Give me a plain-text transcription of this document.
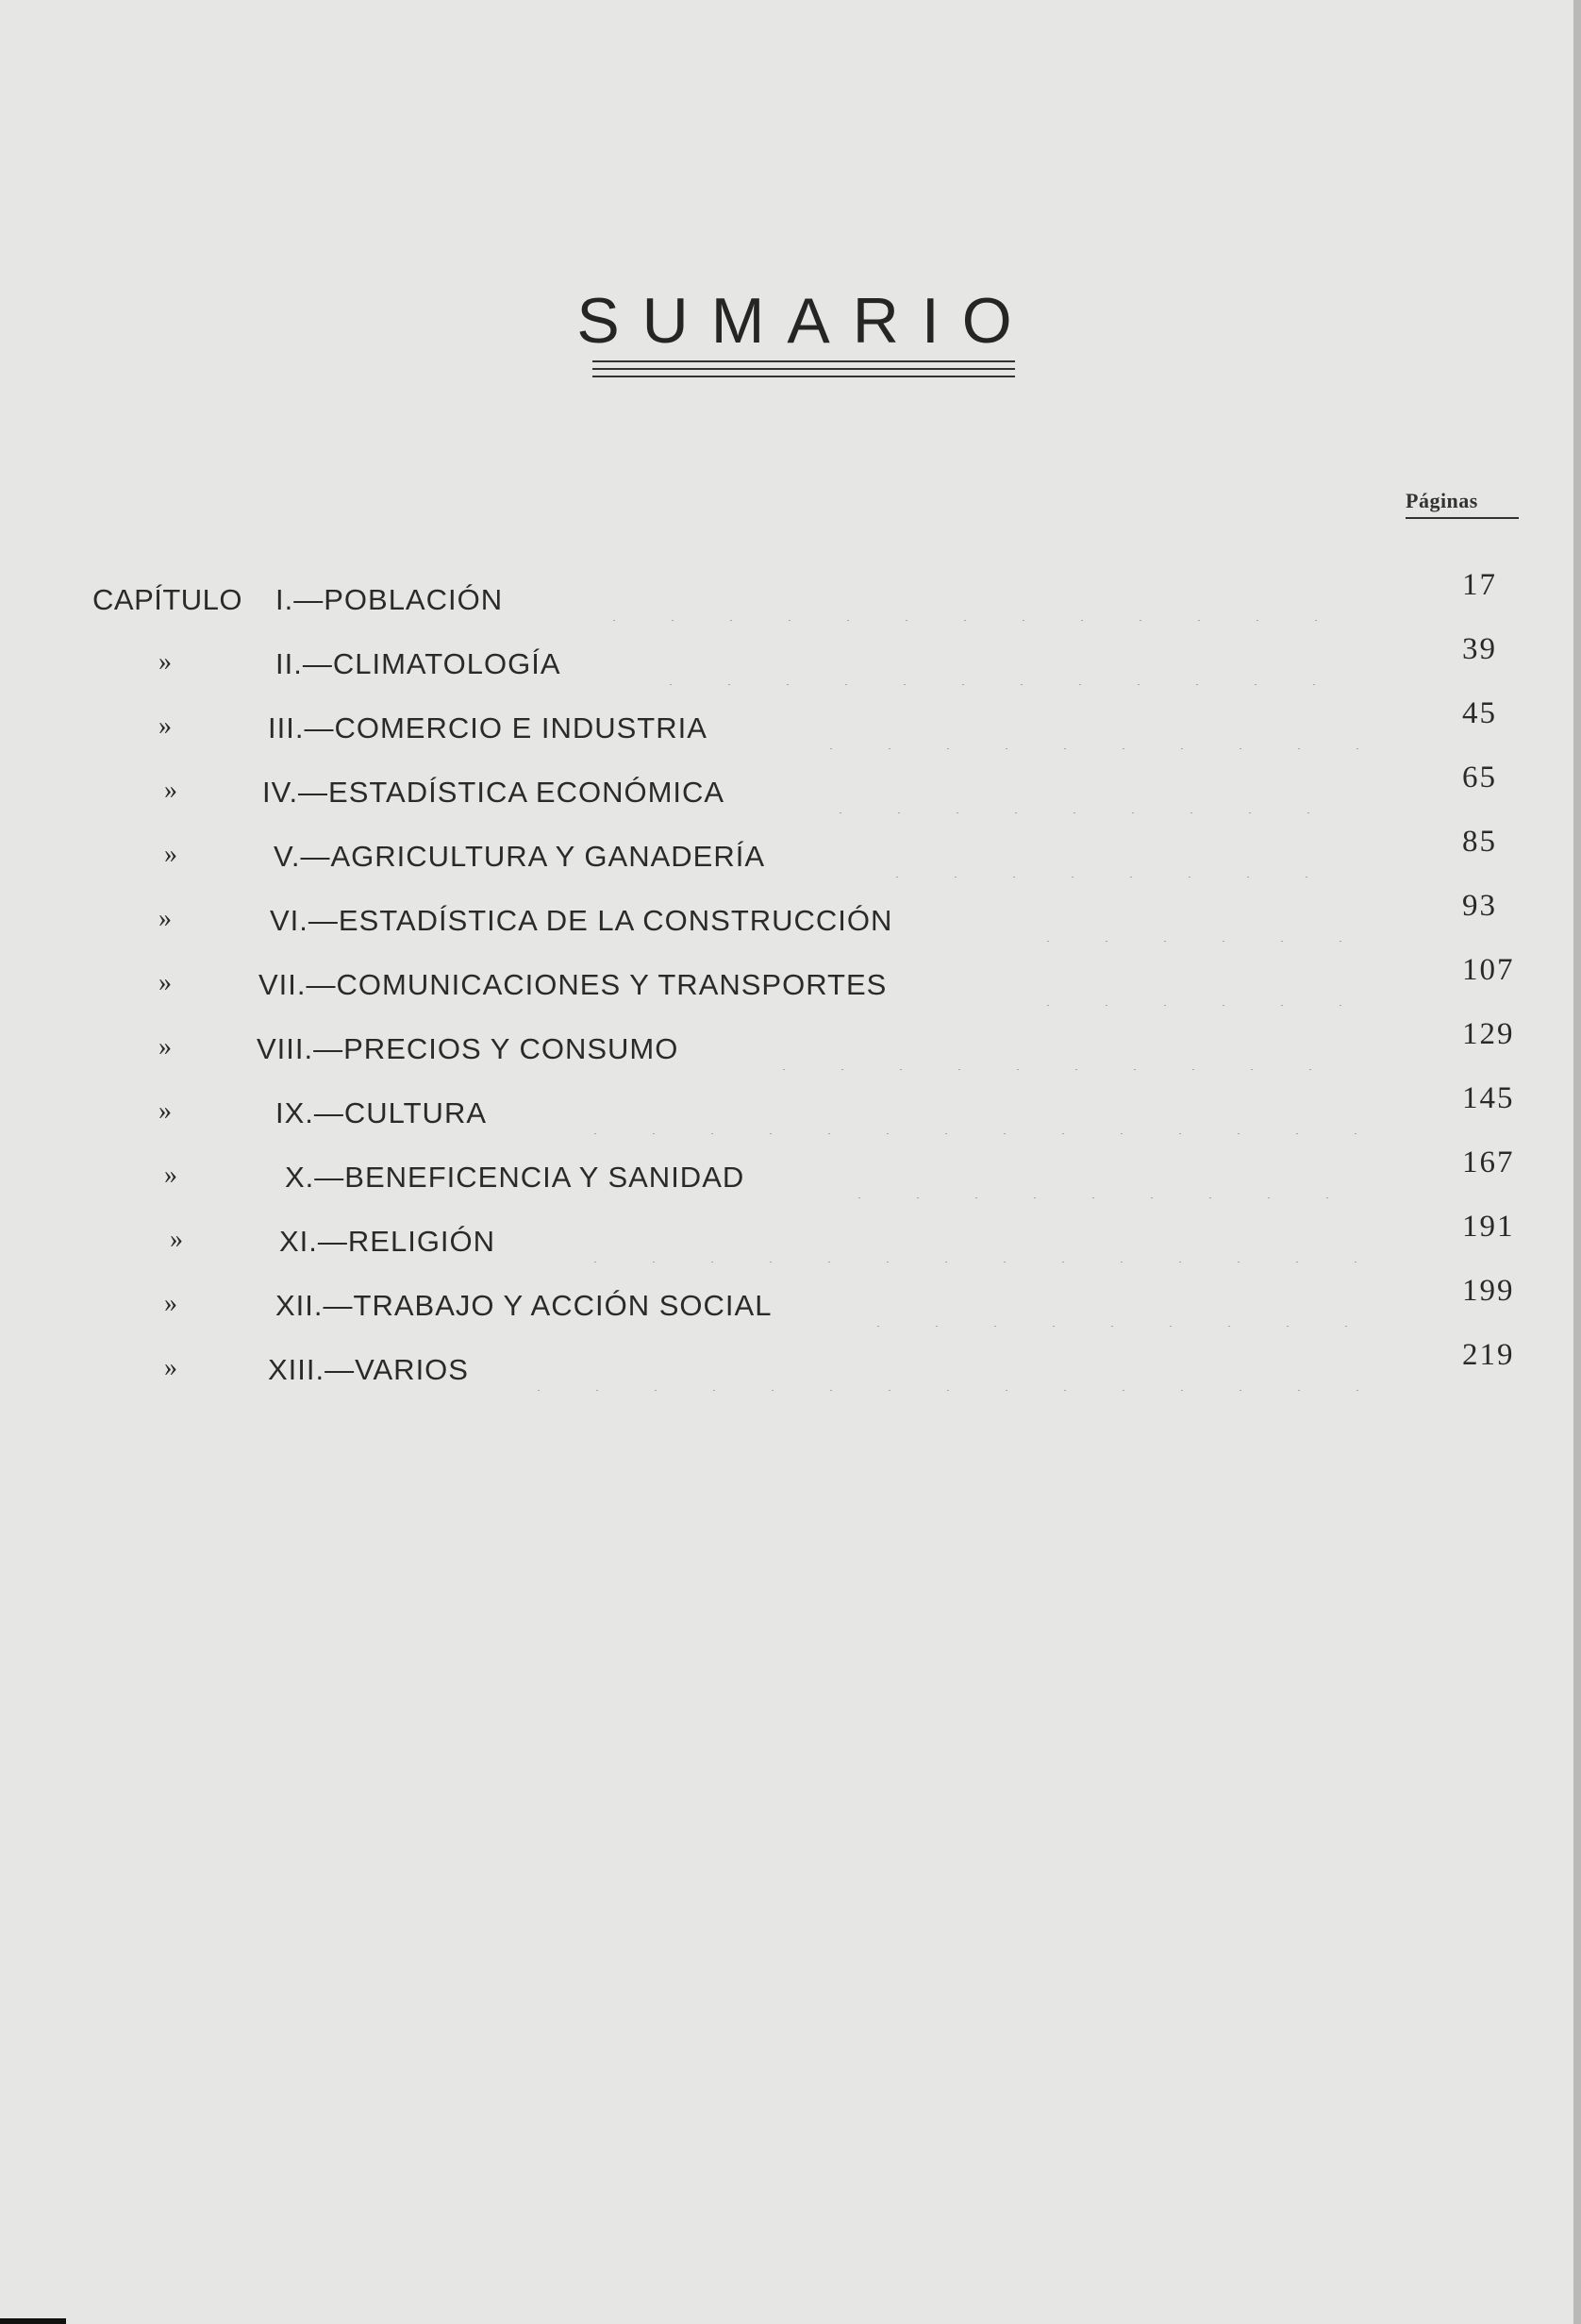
SUMARIO
Páginas
CAPÍTULO I.—POBLACIÓN	17
»	II.—CLIMATOLOGÍA	39
»	III.—COMERCIO E INDUSTRIA	45
»	IV.—ESTADÍSTICA ECONÓMICA	65
»	V.—AGRICULTURA Y GANADERÍA	85
»	VI.—ESTADÍSTICA DE LA CONSTRUCCIÓN	93
»	VII.—COMUNICACIONES Y TRANSPORTES	107
»	VIII.—PRECIOS Y CONSUMO	129
»	IX.—CULTURA	145
»	X.—BENEFICENCIA Y SANIDAD	167
»	XI.—RELIGIÓN	191
»	XII.—TRABAJO Y ACCIÓN SOCIAL	199
»	XIII.—VARIOS	219
